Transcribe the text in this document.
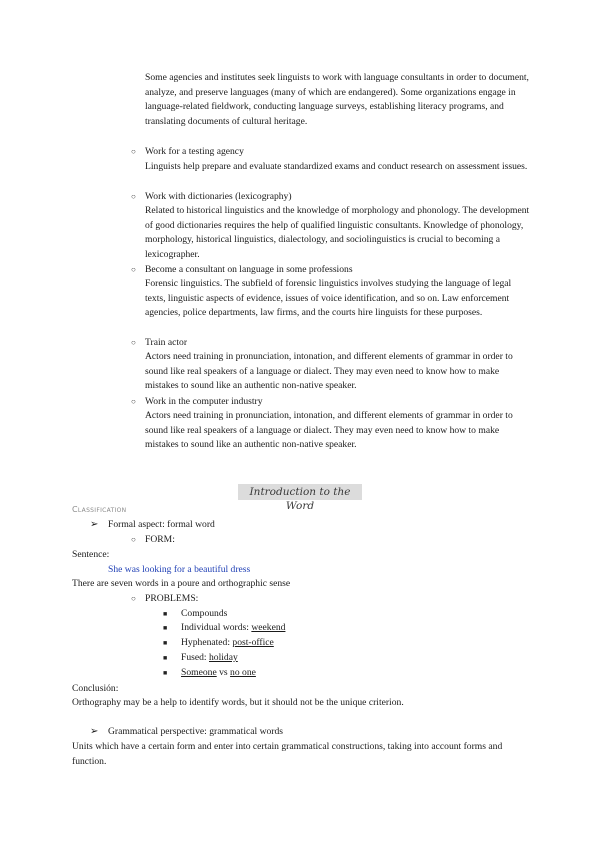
Some agencies and institutes seek linguists to work with language consultants in order to document, analyze, and preserve languages (many of which are endangered). Some organizations engage in language-related fieldwork, conducting language surveys, establishing literacy programs, and translating documents of cultural heritage.
○ Work for a testing agency
Linguists help prepare and evaluate standardized exams and conduct research on assessment issues.
○ Work with dictionaries (lexicography)
Related to historical linguistics and the knowledge of morphology and phonology. The development of good dictionaries requires the help of qualified linguistic consultants. Knowledge of phonology, morphology, historical linguistics, dialectology, and sociolinguistics is crucial to becoming a lexicographer.
○ Become a consultant on language in some professions
Forensic linguistics. The subfield of forensic linguistics involves studying the language of legal texts, linguistic aspects of evidence, issues of voice identification, and so on. Law enforcement agencies, police departments, law firms, and the courts hire linguists for these purposes.
○ Train actor
Actors need training in pronunciation, intonation, and different elements of grammar in order to sound like real speakers of a language or dialect. They may even need to know how to make mistakes to sound like an authentic non-native speaker.
○ Work in the computer industry
Actors need training in pronunciation, intonation, and different elements of grammar in order to sound like real speakers of a language or dialect. They may even need to know how to make mistakes to sound like an authentic non-native speaker.
Introduction to the Word
Classification
➢ Formal aspect: formal word
○ FORM:
Sentence:
She was looking for a beautiful dress
There are seven words in a poure and orthographic sense
○ PROBLEMS:
■ Compounds
■ Individual words: weekend
■ Hyphenated: post-office
■ Fused: holiday
■ Someone vs no one
Conclusión:
Orthography may be a help to identify words, but it should not be the unique criterion.
➢ Grammatical perspective: grammatical words
Units which have a certain form and enter into certain grammatical constructions, taking into account forms and function.
